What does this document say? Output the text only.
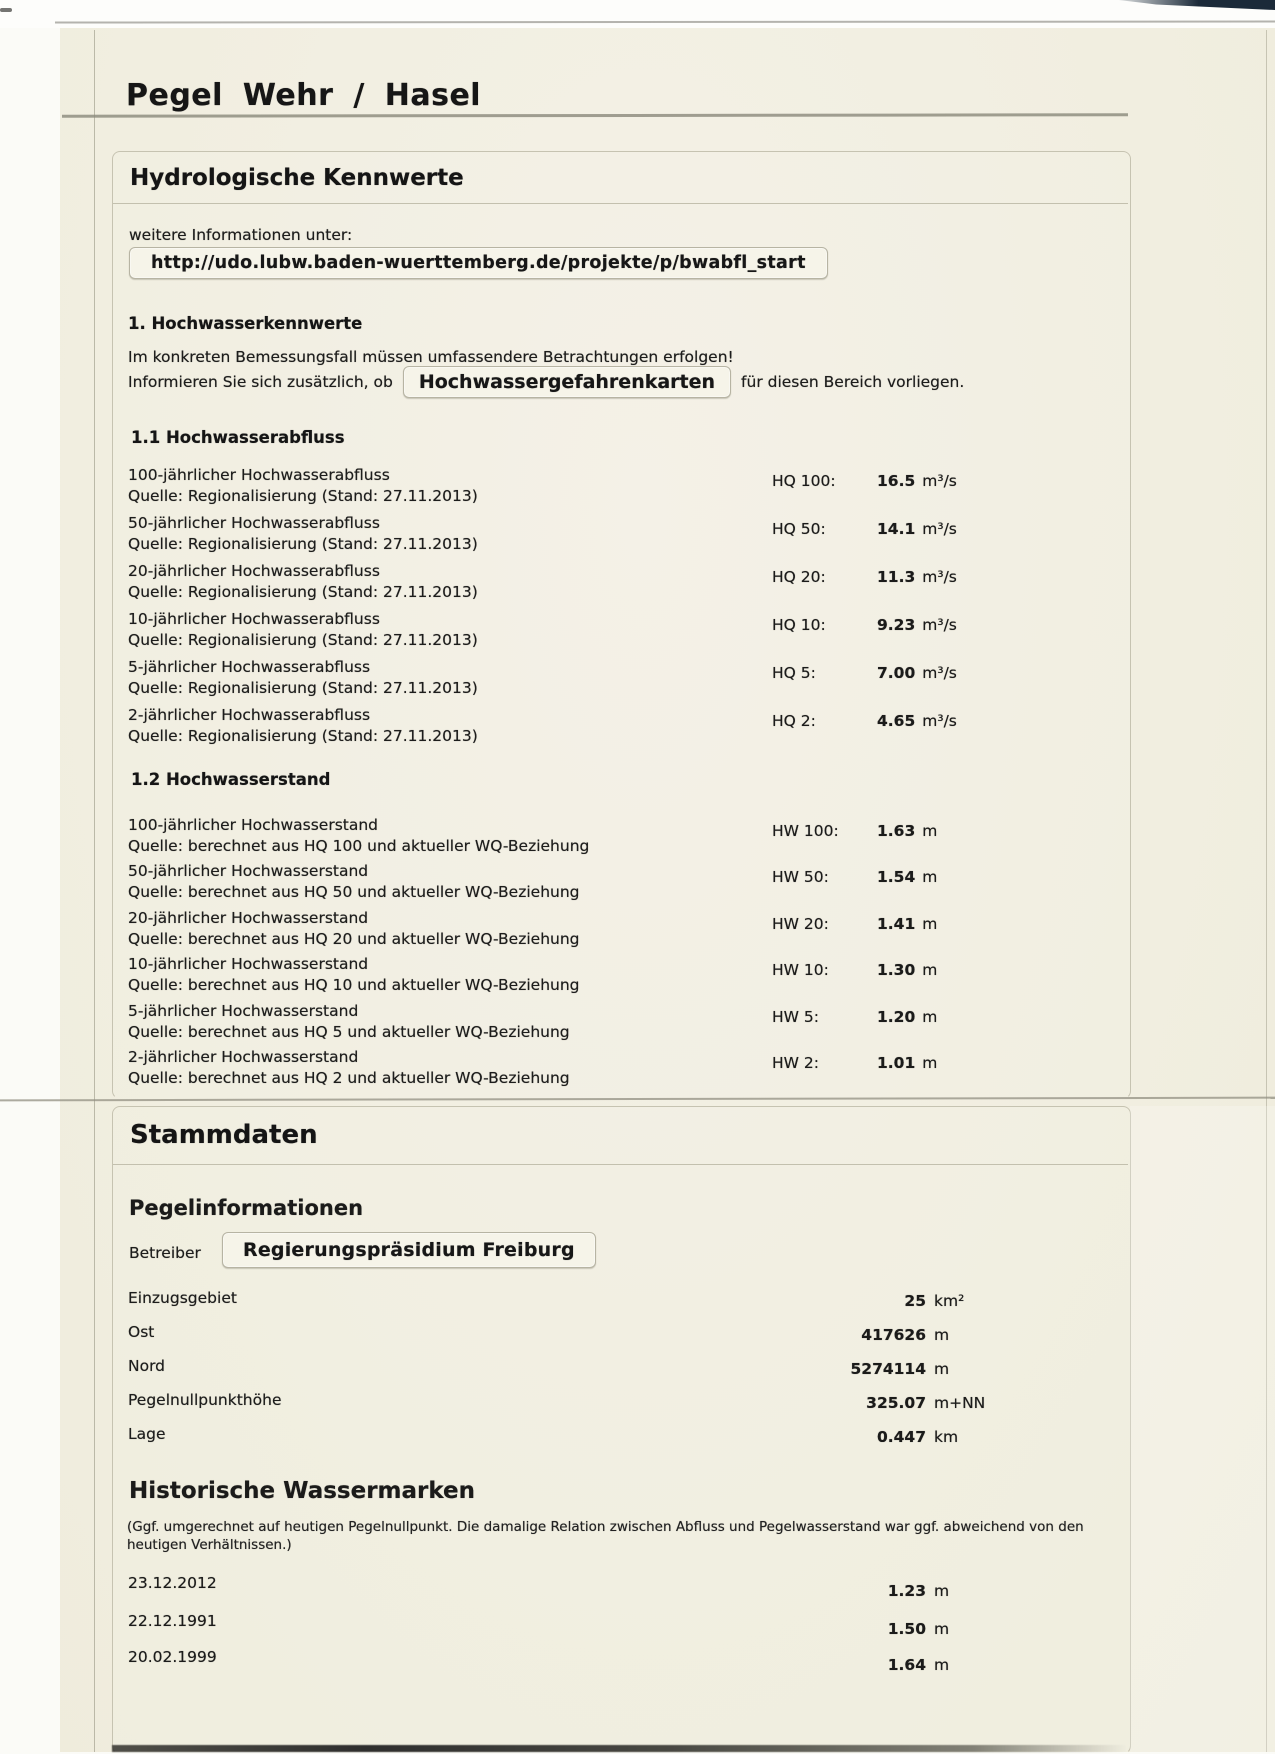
Pegel Wehr / Hasel
Hydrologische Kennwerte
weitere Informationen unter:
http://udo.lubw.baden-wuerttemberg.de/projekte/p/bwabfl_start
1. Hochwasserkennwerte
Im konkreten Bemessungsfall müssen umfassendere Betrachtungen erfolgen!
Informieren Sie sich zusätzlich, ob	Hochwassergefahrenkarten	für diesen Bereich vorliegen.
1.1 Hochwasserabfluss
100-jährlicher Hochwasserabfluss
Quelle: Regionalisierung (Stand: 27.11.2013)
HQ 100:	16.5 m³/s
50-jährlicher Hochwasserabfluss
Quelle: Regionalisierung (Stand: 27.11.2013)
HQ 50:	14.1 m³/s
20-jährlicher Hochwasserabfluss
Quelle: Regionalisierung (Stand: 27.11.2013)
HQ 20:	11.3 m³/s
10-jährlicher Hochwasserabfluss
Quelle: Regionalisierung (Stand: 27.11.2013)
HQ 10:	9.23 m³/s
5-jährlicher Hochwasserabfluss
Quelle: Regionalisierung (Stand: 27.11.2013)
HQ 5:	7.00 m³/s
2-jährlicher Hochwasserabfluss
Quelle: Regionalisierung (Stand: 27.11.2013)
HQ 2:	4.65 m³/s
1.2 Hochwasserstand
100-jährlicher Hochwasserstand
Quelle: berechnet aus HQ 100 und aktueller WQ-Beziehung
HW 100: 1.63 m
50-jährlicher Hochwasserstand
Quelle: berechnet aus HQ 50 und aktueller WQ-Beziehung
HW 50:	1.54 m
20-jährlicher Hochwasserstand
Quelle: berechnet aus HQ 20 und aktueller WQ-Beziehung
HW 20:	1.41 m
10-jährlicher Hochwasserstand
Quelle: berechnet aus HQ 10 und aktueller WQ-Beziehung
HW 10:	1.30 m
5-jährlicher Hochwasserstand
Quelle: berechnet aus HQ 5 und aktueller WQ-Beziehung
HW 5:	1.20 m
2-jährlicher Hochwasserstand
Quelle: berechnet aus HQ 2 und aktueller WQ-Beziehung
HW 2:	1.01 m
Stammdaten
Pegelinformationen
Betreiber	Regierungspräsidium Freiburg
Einzugsgebiet	25 km²
Ost	417626 m
Nord	5274114 m
Pegelnullpunkthöhe	325.07 m+NN
Lage	0.447 km
Historische Wassermarken
(Ggf. umgerechnet auf heutigen Pegelnullpunkt. Die damalige Relation zwischen Abfluss und Pegelwasserstand war ggf. abweichend von den heutigen Verhältnissen.)
23.12.2012	1.23 m
22.12.1991	1.50 m
20.02.1999	1.64 m
